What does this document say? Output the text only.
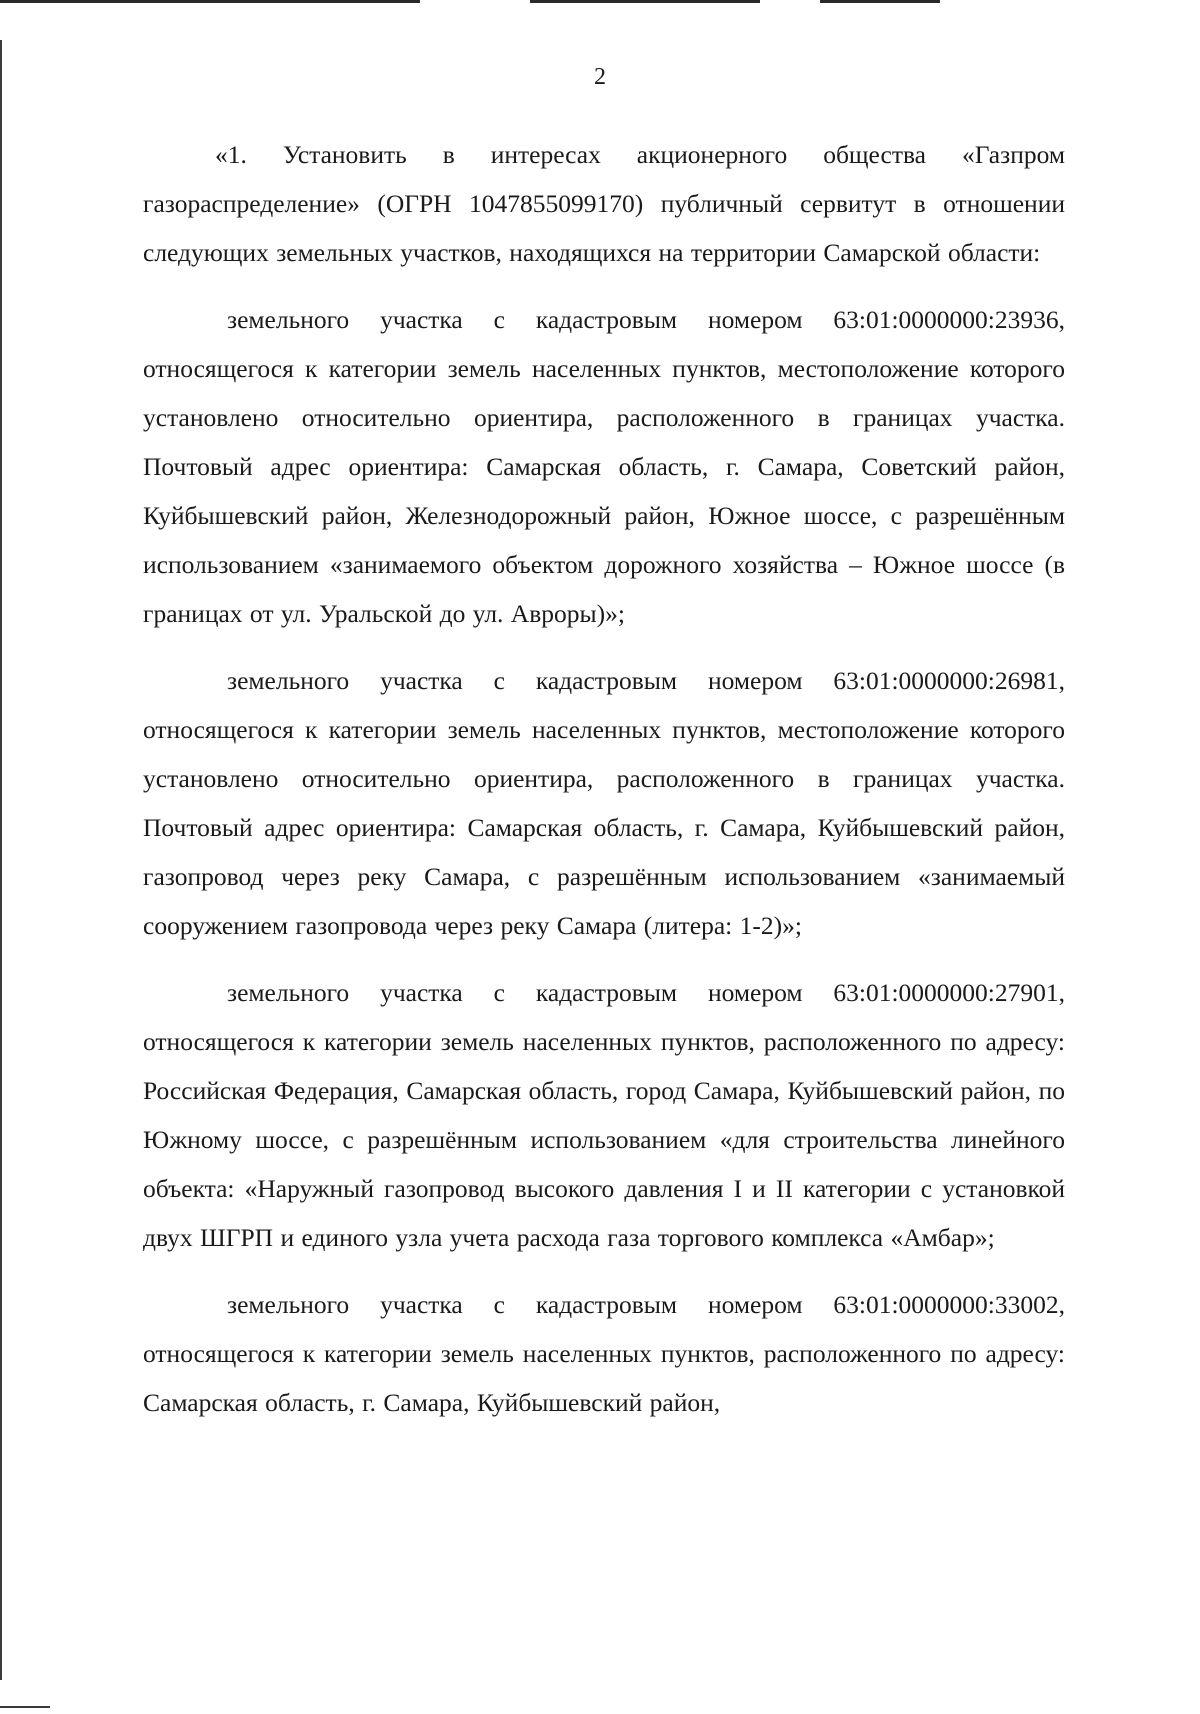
2

«1. Установить в интересах акционерного общества «Газпром газораспределение» (ОГРН 1047855099170) публичный сервитут в отношении следующих земельных участков, находящихся на территории Самарской области:

земельного участка с кадастровым номером 63:01:0000000:23936, относящегося к категории земель населенных пунктов, местоположение которого установлено относительно ориентира, расположенного в границах участка. Почтовый адрес ориентира: Самарская область, г. Самара, Советский район, Куйбышевский район, Железнодорожный район, Южное шоссе, с разрешённым использованием «занимаемого объектом дорожного хозяйства – Южное шоссе (в границах от ул. Уральской до ул. Авроры)»;

земельного участка с кадастровым номером 63:01:0000000:26981, относящегося к категории земель населенных пунктов, местоположение которого установлено относительно ориентира, расположенного в границах участка. Почтовый адрес ориентира: Самарская область, г. Самара, Куйбышевский район, газопровод через реку Самара, с разрешённым использованием «занимаемый сооружением газопровода через реку Самара (литера: 1-2)»;

земельного участка с кадастровым номером 63:01:0000000:27901, относящегося к категории земель населенных пунктов, расположенного по адресу: Российская Федерация, Самарская область, город Самара, Куйбышевский район, по Южному шоссе, с разрешённым использованием «для строительства линейного объекта: «Наружный газопровод высокого давления I и II категории с установкой двух ШГРП и единого узла учета расхода газа торгового комплекса «Амбар»;

земельного участка с кадастровым номером 63:01:0000000:33002, относящегося к категории земель населенных пунктов, расположенного по адресу: Самарская область, г. Самара, Куйбышевский район,
